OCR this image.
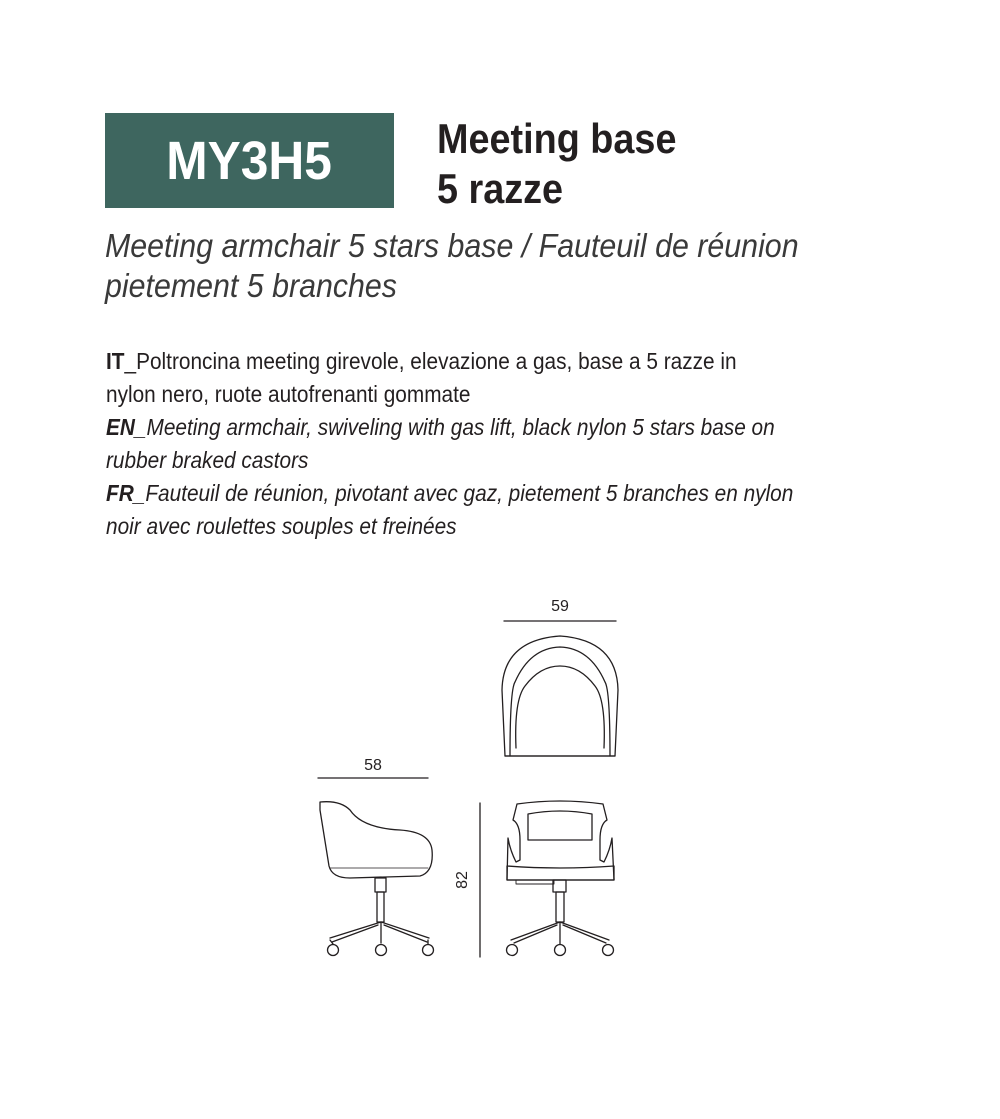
MY3H5 Meeting base
5 razze
Meeting armchair 5 stars base / Fauteuil de réunion
pietement 5 branches
IT_Poltroncina meeting girevole, elevazione a gas, base a 5 razze in
nylon nero, ruote autofrenanti gommate
EN_Meeting armchair, swiveling with gas lift, black nylon 5 stars base on
rubber braked castors
FR_Fauteuil de réunion, pivotant avec gaz, pietement 5 branches en nylon
noir avec roulettes souples et freinées
59
58
82
